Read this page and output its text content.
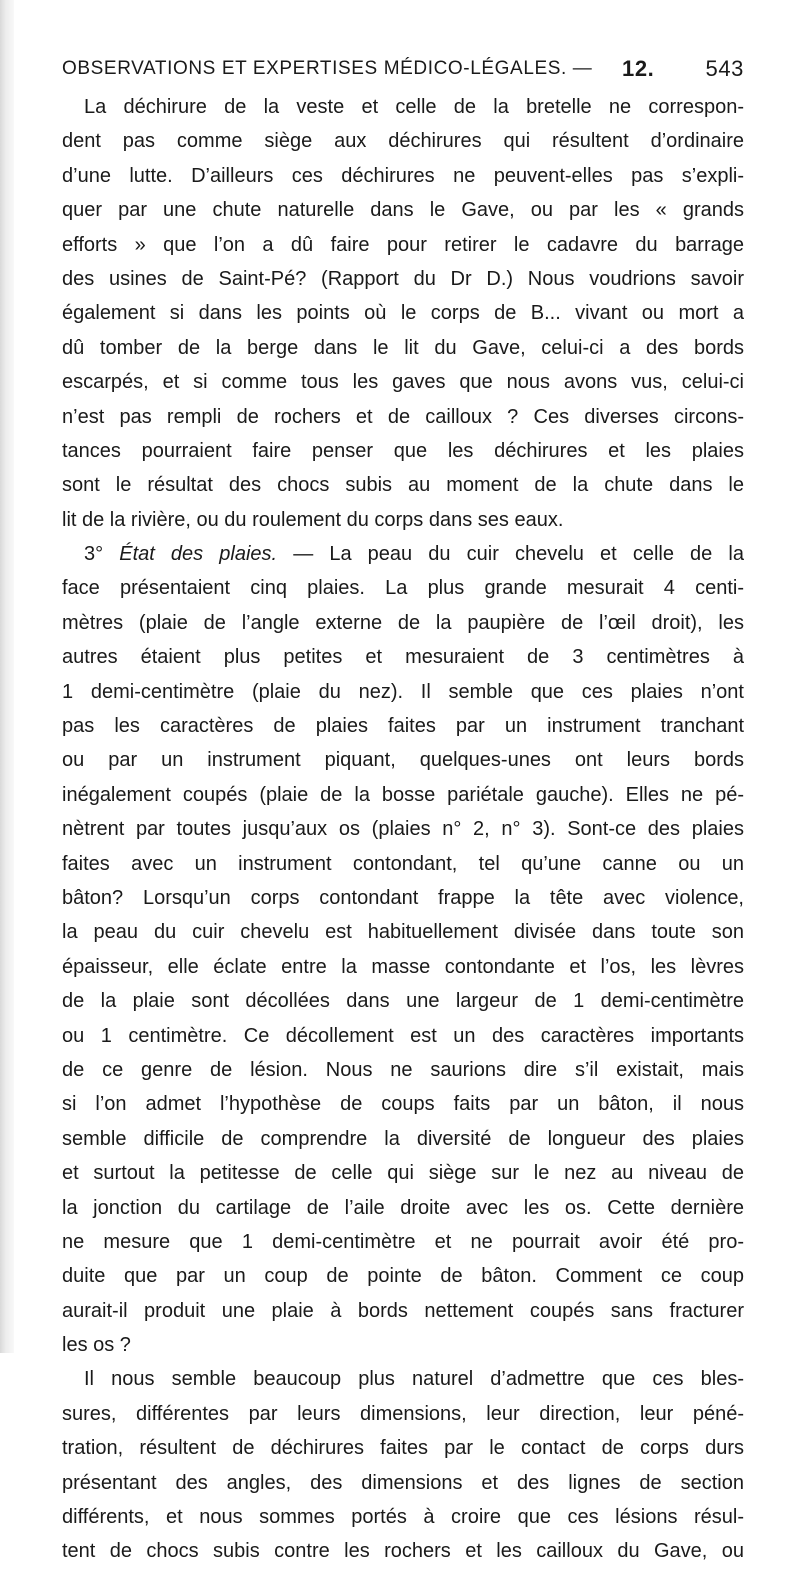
OBSERVATIONS ET EXPERTISES MÉDICO-LÉGALES. — 12. 543
La déchirure de la veste et celle de la bretelle ne correspon-
dent pas comme siège aux déchirures qui résultent d’ordinaire
d’une lutte. D’ailleurs ces déchirures ne peuvent-elles pas s’expli-
quer par une chute naturelle dans le Gave, ou par les « grands
efforts » que l’on a dû faire pour retirer le cadavre du barrage
des usines de Saint-Pé? (Rapport du Dr D.) Nous voudrions savoir
également si dans les points où le corps de B... vivant ou mort a
dû tomber de la berge dans le lit du Gave, celui-ci a des bords
escarpés, et si comme tous les gaves que nous avons vus, celui-ci
n’est pas rempli de rochers et de cailloux ? Ces diverses circons-
tances pourraient faire penser que les déchirures et les plaies
sont le résultat des chocs subis au moment de la chute dans le
lit de la rivière, ou du roulement du corps dans ses eaux.
3° État des plaies. — La peau du cuir chevelu et celle de la
face présentaient cinq plaies. La plus grande mesurait 4 centi-
mètres (plaie de l’angle externe de la paupière de l’œil droit), les
autres étaient plus petites et mesuraient de 3 centimètres à
1 demi-centimètre (plaie du nez). Il semble que ces plaies n’ont
pas les caractères de plaies faites par un instrument tranchant
ou par un instrument piquant, quelques-unes ont leurs bords
inégalement coupés (plaie de la bosse pariétale gauche). Elles ne pé-
nètrent par toutes jusqu’aux os (plaies n° 2, n° 3). Sont-ce des plaies
faites avec un instrument contondant, tel qu’une canne ou un
bâton? Lorsqu’un corps contondant frappe la tête avec violence,
la peau du cuir chevelu est habituellement divisée dans toute son
épaisseur, elle éclate entre la masse contondante et l’os, les lèvres
de la plaie sont décollées dans une largeur de 1 demi-centimètre
ou 1 centimètre. Ce décollement est un des caractères importants
de ce genre de lésion. Nous ne saurions dire s’il existait, mais
si l’on admet l’hypothèse de coups faits par un bâton, il nous
semble difficile de comprendre la diversité de longueur des plaies
et surtout la petitesse de celle qui siège sur le nez au niveau de
la jonction du cartilage de l’aile droite avec les os. Cette dernière
ne mesure que 1 demi-centimètre et ne pourrait avoir été pro-
duite que par un coup de pointe de bâton. Comment ce coup
aurait-il produit une plaie à bords nettement coupés sans fracturer
les os ?
Il nous semble beaucoup plus naturel d’admettre que ces bles-
sures, différentes par leurs dimensions, leur direction, leur péné-
tration, résultent de déchirures faites par le contact de corps durs
présentant des angles, des dimensions et des lignes de section
différents, et nous sommes portés à croire que ces lésions résul-
tent de chocs subis contre les rochers et les cailloux du Gave, ou
